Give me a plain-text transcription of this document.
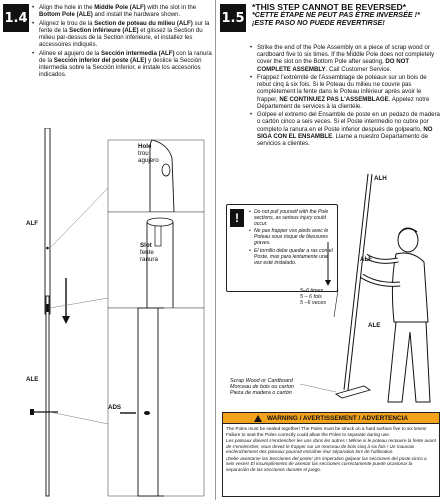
1.4
• Align the hole in the Middle Pole (ALF) with the slot in the Bottom Pole (ALE) and install the hardware shown.
• Alignez le trou de la Section de poteau du milieu (ALF) sur la fente de la Section inférieure (ALE) et glissez la Section du milieu par-dessus de la Section inférieure, et installez les accessoires indiqués.
• Alinee el agujero de la Sección intermedia (ALF) con la ranura de la Sección inferior del poste (ALE) y deslice la Sección intermedia sobre la Sección inferior, e instale los accesorios indicados.
Hole
trou
agujero
Slot
fente
ranura
ALF
ALE
ADS
1.5
*THIS STEP CANNOT BE REVERSED*
*CETTE ÉTAPE NE PEUT PAS ÊTRE INVERSÉE !*
¡ESTE PASO NO PUEDE REVERTIRSE!
• Strike the end of the Pole Assembly on a piece of scrap wood or cardboard five to six times. If the Middle Pole does not completely cover the slot on the Bottom Pole after seating, DO NOT COMPLETE ASSEMBLY. Call Customer Service.
• Frappez l'extrémité de l'Assemblage de poteaux sur un bois de rebut cinq à six fois. Si le Poteau du milieu ne couvre pas complètement la fente dans le Poteau inférieur après avoir le frapper, NE CONTINUEZ PAS L'ASSEMBLAGE. Appelez notre Département de services à la clientèle.
• Golpee el extremo del Ensamble de poste en un pedazo de madera o cartón cinco a seis veces. Si el Poste intermedio no cubre por completo la ranura en el Poste inferior después de golpearlo, NO SIGA CON EL ENSAMBLE. Llame a nuestro Departamento de servicios a clientes.
!
•	Do not pull yourself with the Pole sections, as serious injury could occur.
• Ne pas frapper vos pieds avec le Poteau sous risque de blessures graves.
• El tornillo debe quedar a ras con el Poste, mas para lentamente una vez esté instalado.
ALH
ALF
ALE
5–6 times
5 – 6 fois
5 –6 veces
Scrap Wood or Cardboard
Morceau de bois ou carton
Pieza de madera o cartón
WARNING / AVERTISSEMENT / ADVERTENCIA

The Poles must be sealed together! The Poles must be struck on a hard surface five to six times! Failure to seat the Poles correctly could allow the Poles to separate during use.

Les poteaux doivent s'enclencher les uns dans les autres ! Même si le poteau recouvre la fente avant de s'enclencher, vous devez le frapper sur un morceau de bois cinq à six fois ! Un mauvais enclenchement des poteaux pourrait entraîner leur séparation lors de l'utilisation.

¡Debe asentarse las Secciones del poste! ¡Es imperativo golpear las secciones del poste cinco a seis veces! El incumplimiento de asentar las secciones correctamente puede ocasionar la separación de las secciones durante el juego.
